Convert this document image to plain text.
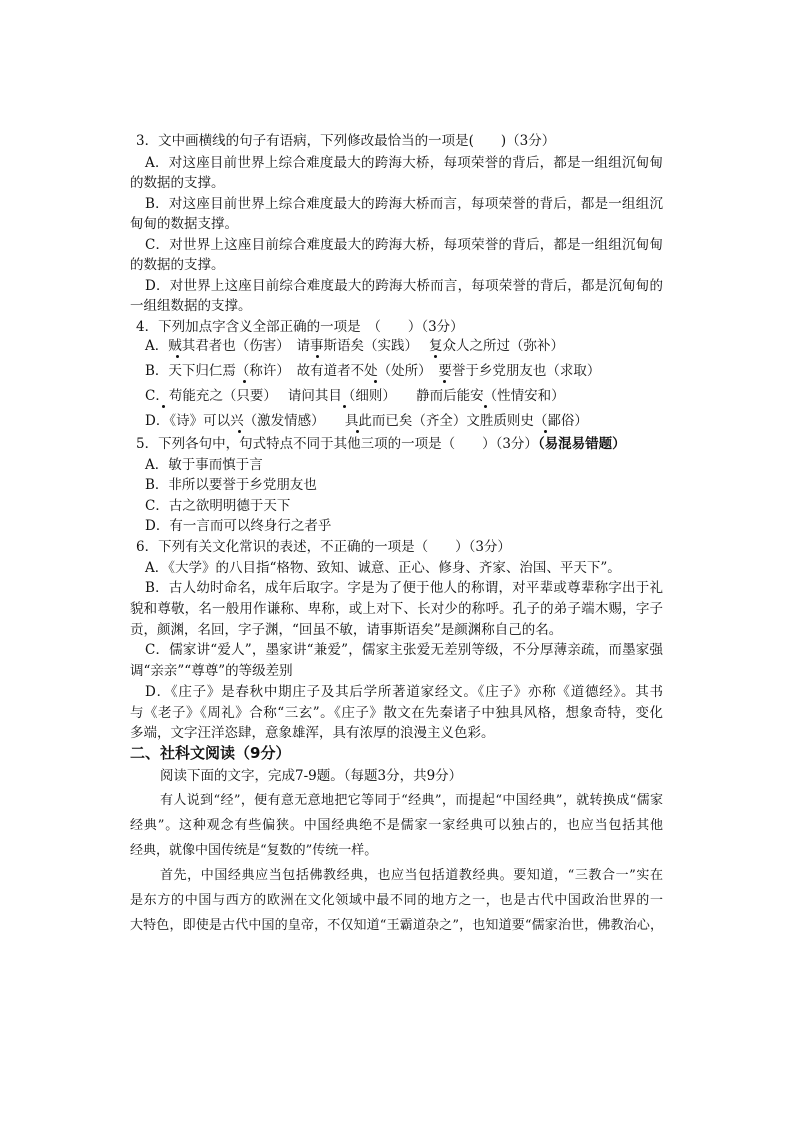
3．文中画横线的句子有语病，下列修改最恰当的一项是(　　)（3分）
A．对这座目前世界上综合难度最大的跨海大桥，每项荣誉的背后，都是一组组沉甸甸
的数据的支撑。
B．对这座目前世界上综合难度最大的跨海大桥而言，每项荣誉的背后，都是一组组沉
甸甸的数据支撑。
C．对世界上这座目前综合难度最大的跨海大桥，每项荣誉的背后，都是一组组沉甸甸
的数据的支撑。
D．对世界上这座目前综合难度最大的跨海大桥而言，每项荣誉的背后，都是沉甸甸的
一组组数据的支撑。
4．下列加点字含义全部正确的一项是　（　　）（3分）
A．贼其君者也（伤害）　请事斯语矣（实践）　 复众人之所过（弥补）
B．天下归仁焉（称许）　故有道者不处（处所）　要誉于乡党朋友也（求取）
C．苟能充之（只要）　 请问其目（细则）　　静而后能安（性情安和）
D．《诗》可以兴（激发情感）　　具此而已矣（齐全）文胜质则史（鄙俗）
5．下列各句中，句式特点不同于其他三项的一项是（　　）（3分）（易混易错题）
A．敏于事而慎于言
B．非所以要誉于乡党朋友也
C．古之欲明明德于天下
D．有一言而可以终身行之者乎
6．下列有关文化常识的表述，不正确的一项是（　　）（3分）
A．《大学》的八目指“格物、致知、诚意、正心、修身、齐家、治国、平天下”。
B．古人幼时命名，成年后取字。字是为了便于他人的称谓，对平辈或尊辈称字出于礼
貌和尊敬，名一般用作谦称、卑称，或上对下、长对少的称呼。孔子的弟子端木赐，字子
贡，颜渊，名回，字子渊，“回虽不敏，请事斯语矣”是颜渊称自己的名。
C．儒家讲“爱人”，墨家讲“兼爱”，儒家主张爱无差别等级，不分厚薄亲疏，而墨家强
调“亲亲”“尊尊”的等级差别
D．《庄子》是春秋中期庄子及其后学所著道家经文。《庄子》亦称《道德经》。其书
与《老子》《周礼》合称“三玄”。《庄子》散文在先秦诸子中独具风格，想象奇特，变化
多端，文字汪洋恣肆，意象雄浑，具有浓厚的浪漫主义色彩。
二、社科文阅读（9分）
阅读下面的文字，完成7-9题。（每题3分，共9分）
有人说到“经”，便有意无意地把它等同于“经典”，而提起“中国经典”，就转换成“儒家
经典”。这种观念有些偏狭。中国经典绝不是儒家一家经典可以独占的，也应当包括其他
经典，就像中国传统是“复数的”传统一样。
首先，中国经典应当包括佛教经典，也应当包括道教经典。要知道，“三教合一”实在
是东方的中国与西方的欧洲在文化领域中最不同的地方之一，也是古代中国政治世界的一
大特色，即使是古代中国的皇帝，不仅知道“王霸道杂之”，也知道要“儒家治世，佛教治心，
